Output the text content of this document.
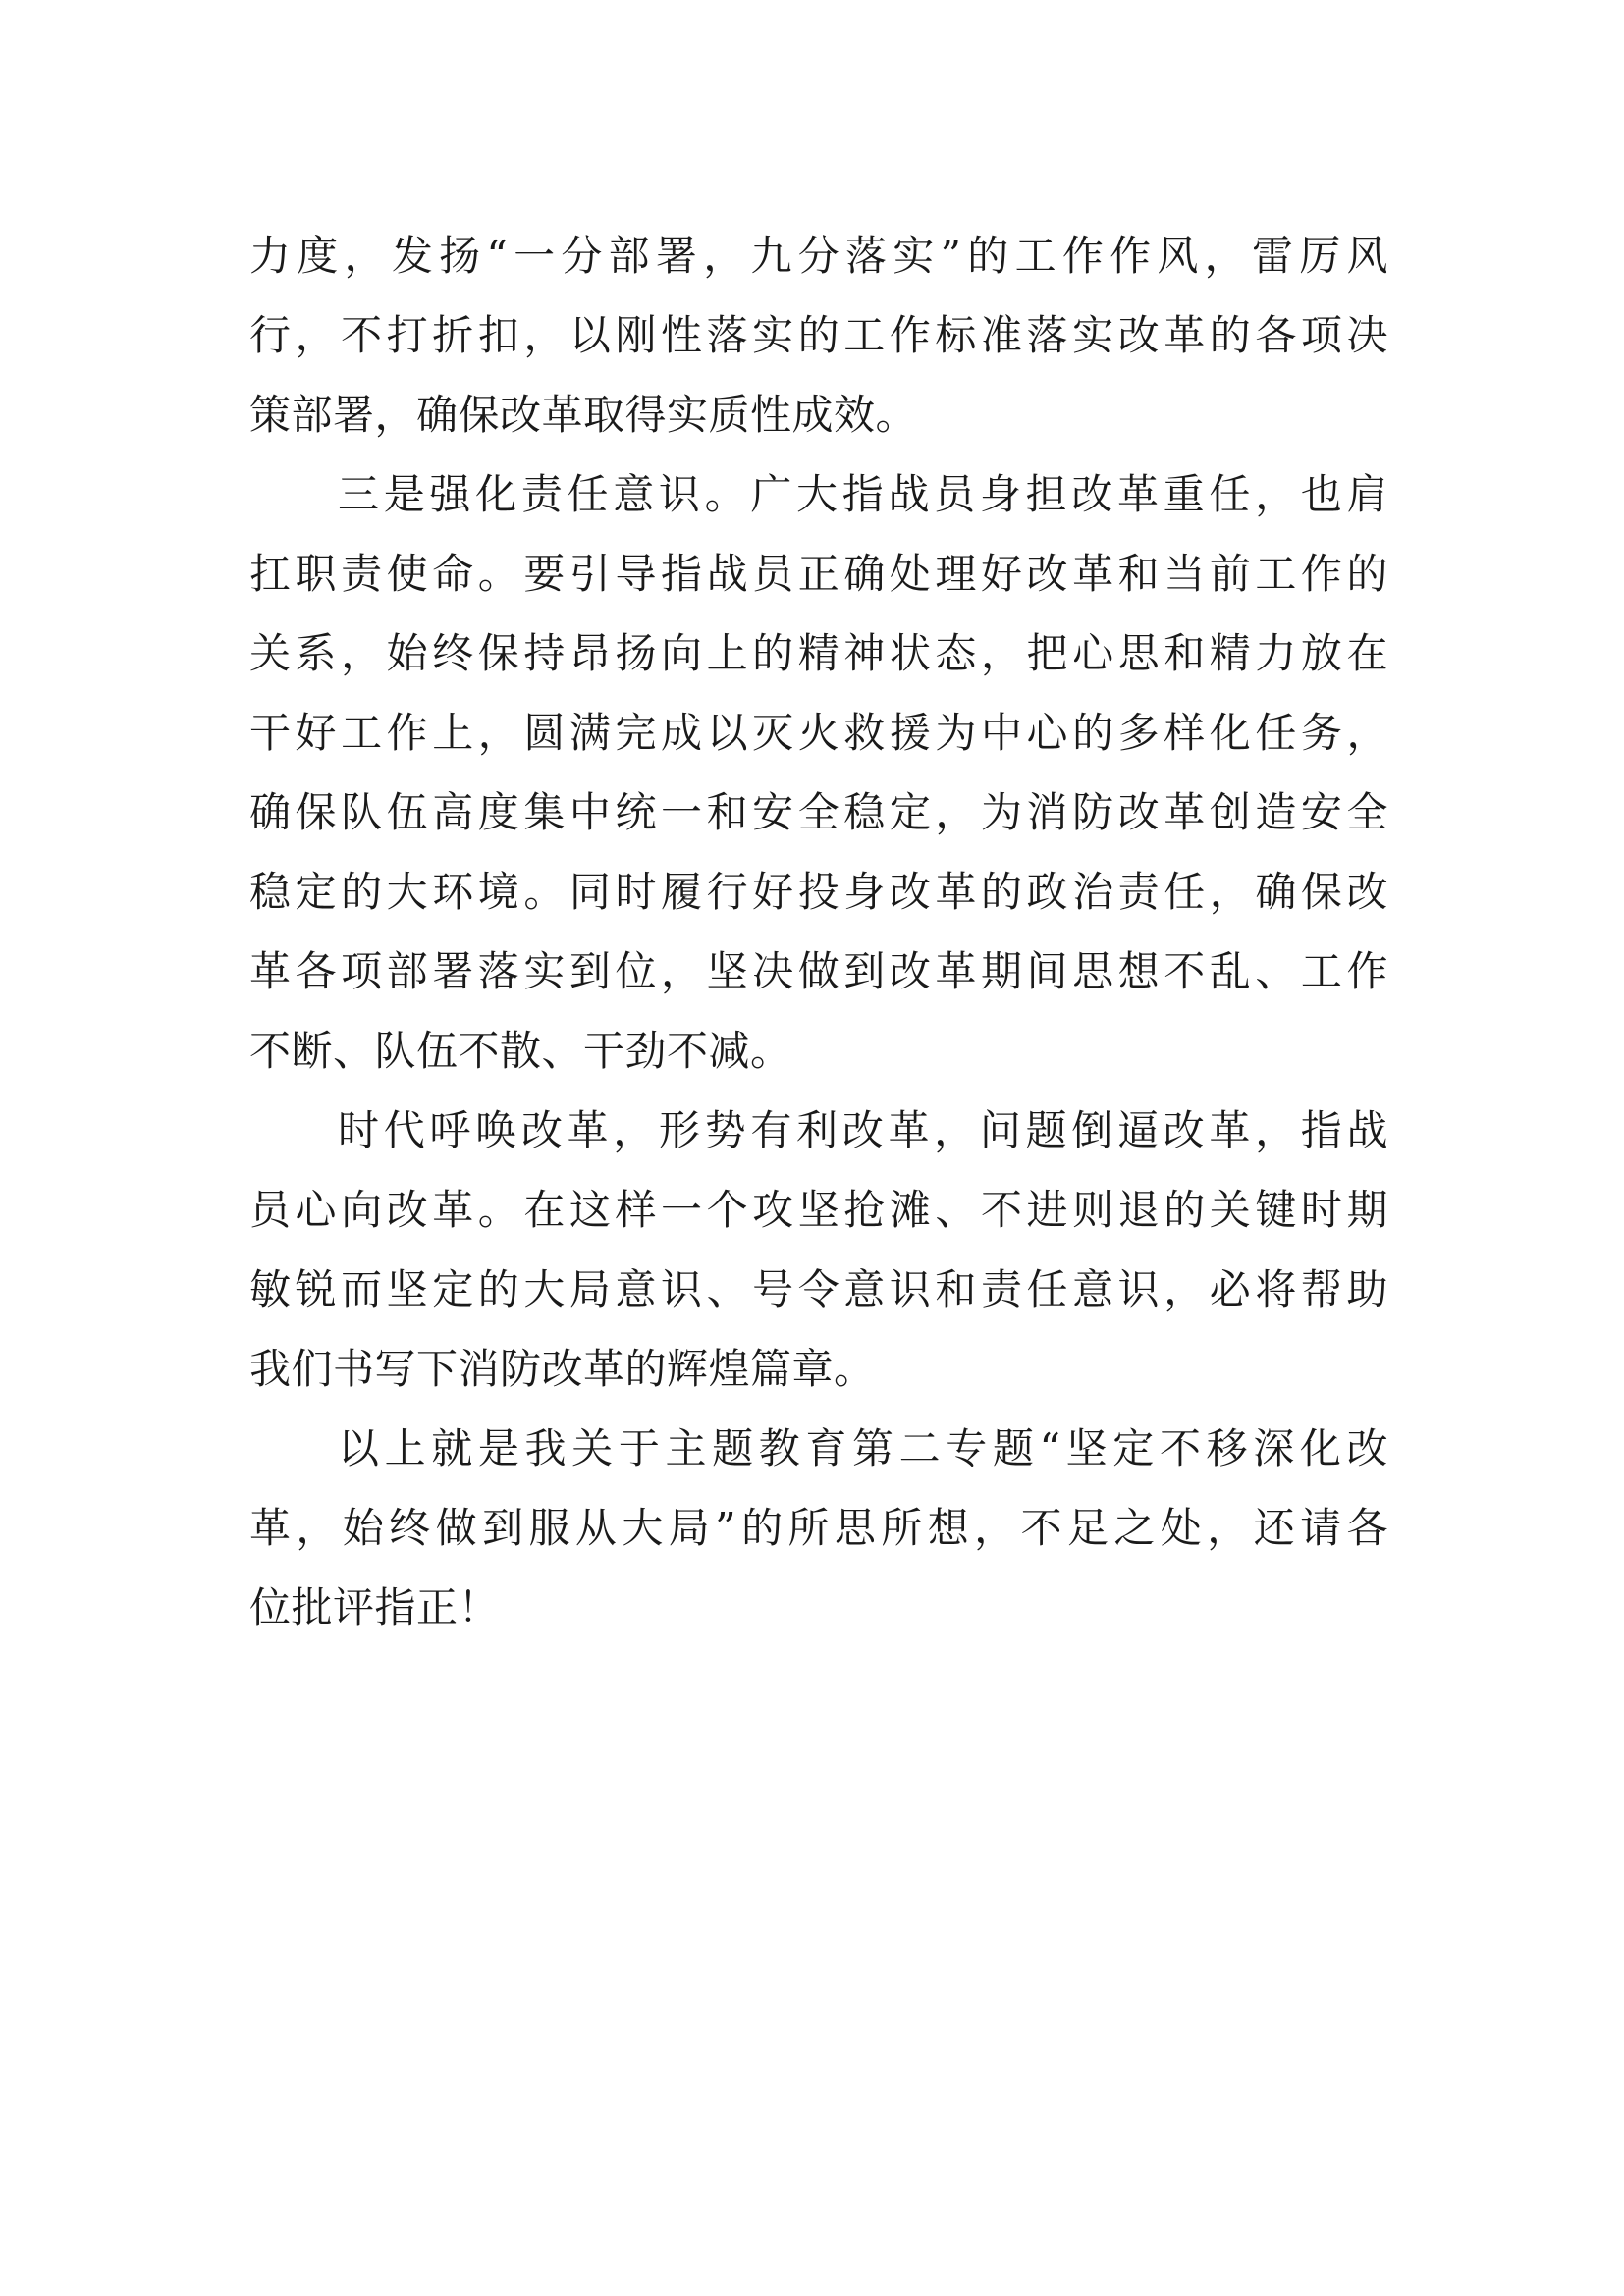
力度，发扬“一分部署，九分落实”的工作作风，雷厉风
行，不打折扣，以刚性落实的工作标准落实改革的各项决
策部署，确保改革取得实质性成效。
三是强化责任意识。广大指战员身担改革重任，也肩
扛职责使命。要引导指战员正确处理好改革和当前工作的
关系，始终保持昂扬向上的精神状态，把心思和精力放在
干好工作上，圆满完成以灭火救援为中心的多样化任务，
确保队伍高度集中统一和安全稳定，为消防改革创造安全
稳定的大环境。同时履行好投身改革的政治责任，确保改
革各项部署落实到位，坚决做到改革期间思想不乱、工作
不断、队伍不散、干劲不减。
时代呼唤改革，形势有利改革，问题倒逼改革，指战
员心向改革。在这样一个攻坚抢滩、不进则退的关键时期
敏锐而坚定的大局意识、号令意识和责任意识，必将帮助
我们书写下消防改革的辉煌篇章。
以上就是我关于主题教育第二专题“坚定不移深化改
革，始终做到服从大局”的所思所想，不足之处，还请各
位批评指正！
